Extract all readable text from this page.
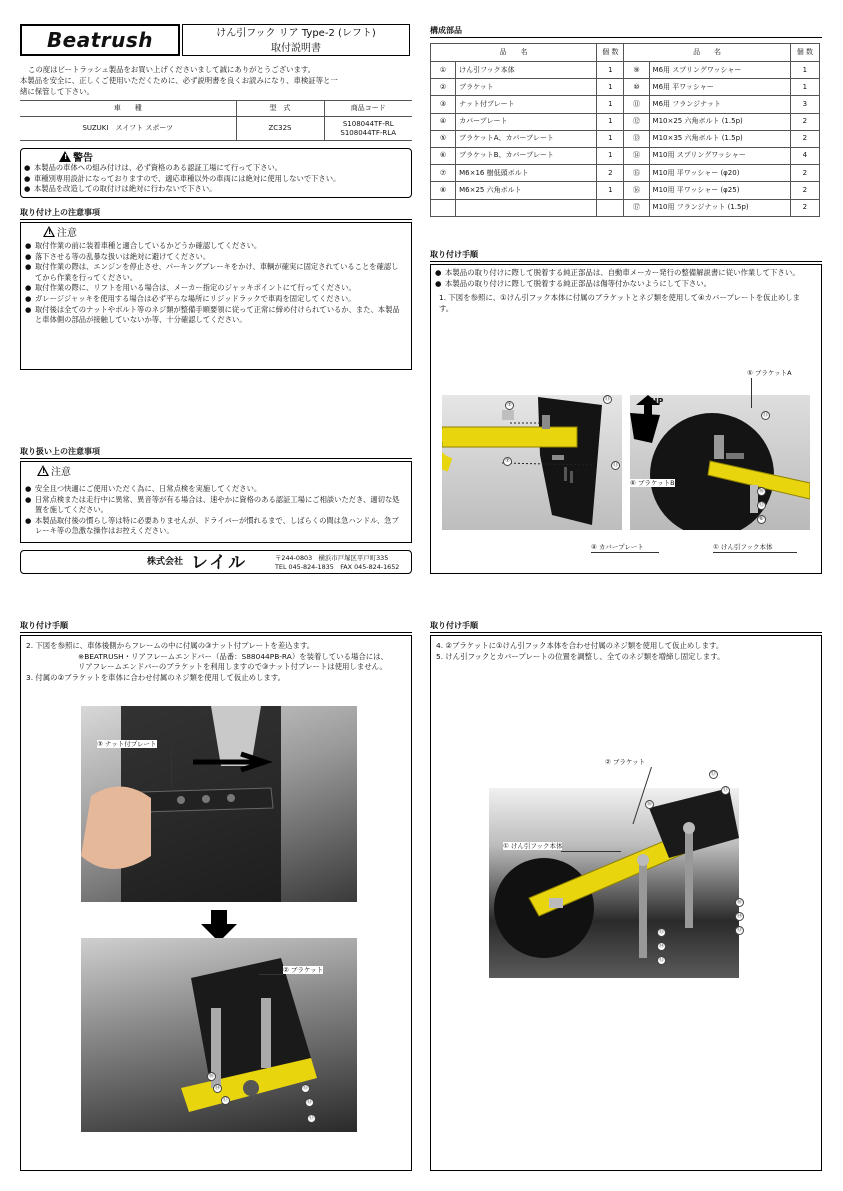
Beatrush	けん引フック リア Type-2 (レフト)
取付説明書
この度はビートラッシュ製品をお買い上げくださいまして誠にありがとうございます。
本製品を安全に、正しくご使用いただくために、必ず説明書を良くお読みになり、車検証等と一
緒に保管して下さい。
車　　種	型　式	商品コード
SUZUKI　スイフト スポーツ	ZC32S	S108044TF-RL
S108044TF-RLA
!警告
● 本製品の車体への組み付けは、必ず資格のある認証工場にて行って下さい。
● 車種別専用設計になっておりますので、適応車種以外の車両には絶対に使用しないで下さい。
● 本製品を改造しての取付けは絶対に行わないで下さい。
取り付け上の注意事項
!注意
● 取付作業の前に装着車種と適合しているかどうか確認してください。
● 落下させる等の乱暴な扱いは絶対に避けてください。
● 取付作業の際は、エンジンを停止させ、パーキングブレーキをかけ、車輌が確実に固定されていることを確認してから作業を行ってください。
● 取付作業の際に、リフトを用いる場合は、メーカー指定のジャッキポイントにて行ってください。
● ガレージジャッキを使用する場合は必ず平らな場所にリジッドラックで車両を固定してください。
● 取付後は全てのナットやボルト等のネジ類が整備手順要領に従って正常に締め付けられているか、また、本製品と車体側の部品が接触していないか等、十分確認してください。
取り扱い上の注意事項
!注意
● 安全且つ快適にご使用いただく為に、日常点検を実施してください。
● 日常点検または走行中に異常、異音等が有る場合は、速やかに資格のある認証工場にご相談いただき、適切な処置を施してください。
● 本製品取付後の慣らし等は特に必要ありませんが、ドライバーが慣れるまで、しばらくの間は急ハンドル、急ブレーキ等の急激な操作はお控えください。
株式会社 レイル	〒244-0803　横浜市戸塚区平戸町335
TEL 045-824-1835　FAX 045-824-1652
構成部品
品　　名		個 数	品　　名		個 数
①	けん引フック本体	1	⑨	M6用 スプリングワッシャー	1
②	ブラケット	1	⑩	M6用 平ワッシャー	1
③	ナット付プレート	1	⑪	M6用 フランジナット	3
④	カバープレート	1	⑫	M10×25 六角ボルト (1.5p)	2
⑤	ブラケットA、カバープレート	1	⑬	M10×35 六角ボルト (1.5p)	2
⑥	ブラケットB、カバープレート	1	⑭	M10用 スプリングワッシャー	4
⑦	M6×16 樹低頭ボルト	2	⑮	M10用 平ワッシャー (φ20)	2
⑧	M6×25 六角ボルト	1	⑯	M10用 平ワッシャー (φ25)	2
			⑰	M10用 フランジナット (1.5p)	2
取り付け手順
● 本製品の取り付けに際して脱着する純正部品は、自動車メーカー発行の整備解説書に従い作業して下さい。
● 本製品の取り付けに際して脱着する純正部品は傷等付かないようにして下さい。
1. 下図を参照に、①けん引フック本体に付属のブラケットとネジ類を使用して④カバープレートを仮止めします。
⑦
⑪
⑦
⑪
UP
⑪
⑯
⑫
⑥
⑤ ブラケットA
⑥ ブラケットB
④ カバープレート	① けん引フック本体
取り付け手順
2. 下図を参照に、車体後側からフレームの中に付属の③ナット付プレートを差込ます。
※BEATRUSH・リアフレームエンドバー（品番：S88044PB-RA）を装着している場合には、リアフレームエンドバーのブラケットを利用しますので③ナット付プレートは使用しません。
3. 付属の②ブラケットを車体に合わせ付属のネジ類を使用して仮止めします。
③ ナット付プレート
② ブラケット
⑯
⑭
⑰
⑮
⑬
⑰
取り付け手順
4. ②ブラケットに①けん引フック本体を合わせ付属のネジ類を使用して仮止めします。
5. けん引フックとカバープレートの位置を調整し、全てのネジ類を増締し固定します。
② ブラケット
① けん引フック本体
⑰
⑰
⑯
⑯
⑭
⑬
⑮
⑭
⑫
